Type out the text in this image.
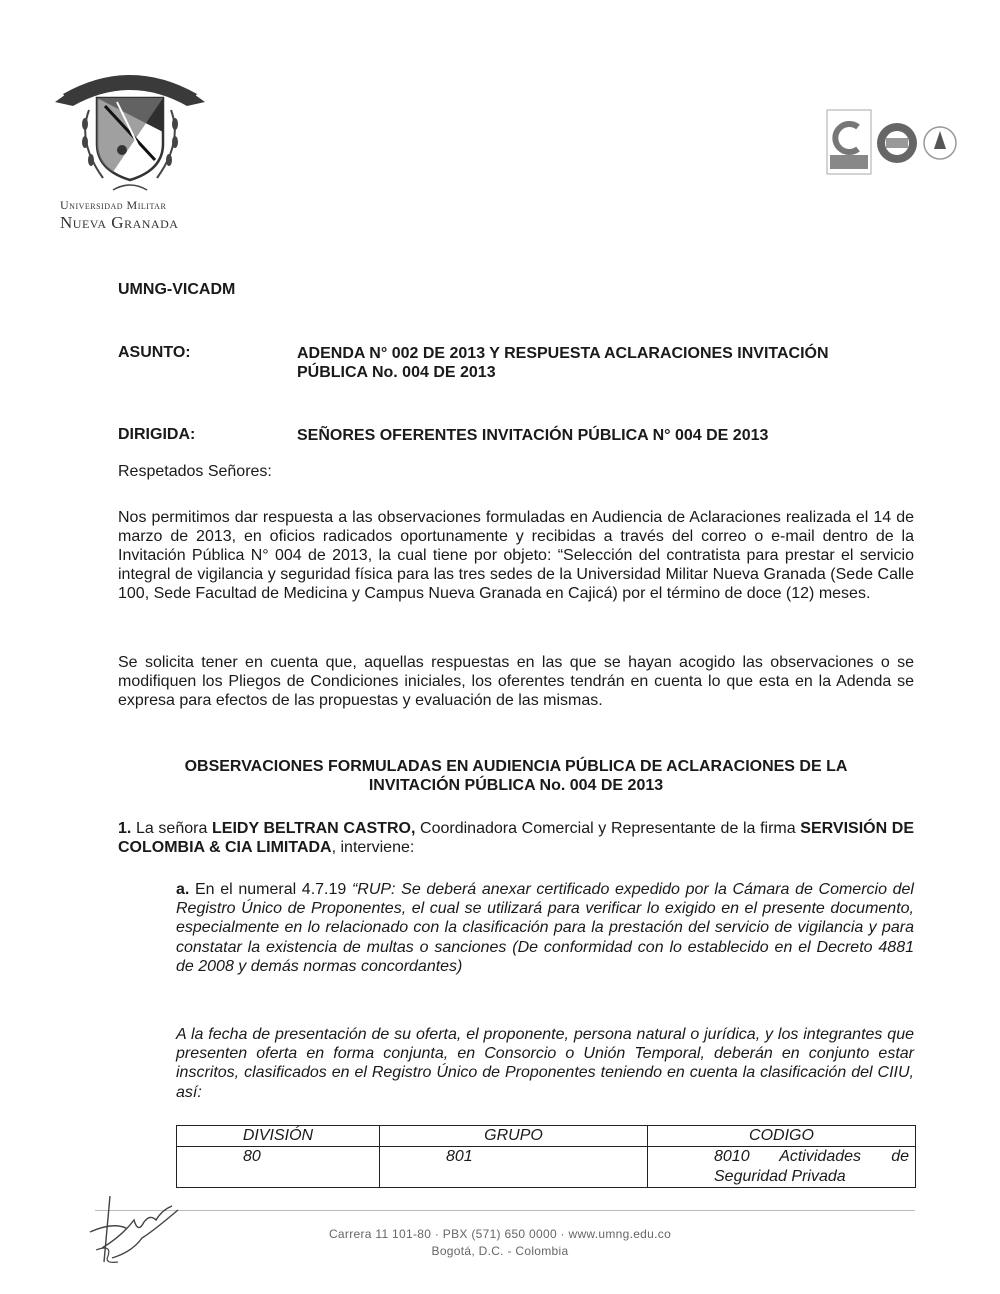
Universidad Militar
Nueva Granada
UMNG-VICADM
ASUNTO:	ADENDA N° 002 DE 2013 Y RESPUESTA ACLARACIONES INVITACIÓN
PÚBLICA No. 004 DE 2013
DIRIGIDA:	SEÑORES OFERENTES INVITACIÓN PÚBLICA N° 004 DE 2013
Respetados Señores:
Nos permitimos dar respuesta a las observaciones formuladas en Audiencia de Aclaraciones realizada el 14 de marzo de 2013, en oficios radicados oportunamente y recibidas a través del correo o e-mail dentro de la Invitación Pública N° 004 de 2013, la cual tiene por objeto: “Selección del contratista para prestar el servicio integral de vigilancia y seguridad física para las tres sedes de la Universidad Militar Nueva Granada (Sede Calle 100, Sede Facultad de Medicina y Campus Nueva Granada en Cajicá) por el término de doce (12) meses.
Se solicita tener en cuenta que, aquellas respuestas en las que se hayan acogido las observaciones o se modifiquen los Pliegos de Condiciones iniciales, los oferentes tendrán en cuenta lo que esta en la Adenda se expresa para efectos de las propuestas y evaluación de las mismas.
OBSERVACIONES FORMULADAS EN AUDIENCIA PÚBLICA DE ACLARACIONES DE LA
INVITACIÓN PÚBLICA No. 004 DE 2013
1. La señora LEIDY BELTRAN CASTRO, Coordinadora Comercial y Representante de la firma SERVISIÓN DE COLOMBIA & CIA LIMITADA, interviene:
a. En el numeral 4.7.19 “RUP: Se deberá anexar certificado expedido por la Cámara de Comercio del Registro Único de Proponentes, el cual se utilizará para verificar lo exigido en el presente documento, especialmente en lo relacionado con la clasificación para la prestación del servicio de vigilancia y para constatar la existencia de multas o sanciones (De conformidad con lo establecido en el Decreto 4881 de 2008 y demás normas concordantes)
A la fecha de presentación de su oferta, el proponente, persona natural o jurídica, y los integrantes que presenten oferta en forma conjunta, en Consorcio o Unión Temporal, deberán en conjunto estar inscritos, clasificados en el Registro Único de Proponentes teniendo en cuenta la clasificación del CIIU, así:
DIVISIÓN	GRUPO	CODIGO
80	801	8010 Actividades de Seguridad Privada
Carrera 11 101-80 · PBX (571) 650 0000 · www.umng.edu.co
Bogotá, D.C. - Colombia
